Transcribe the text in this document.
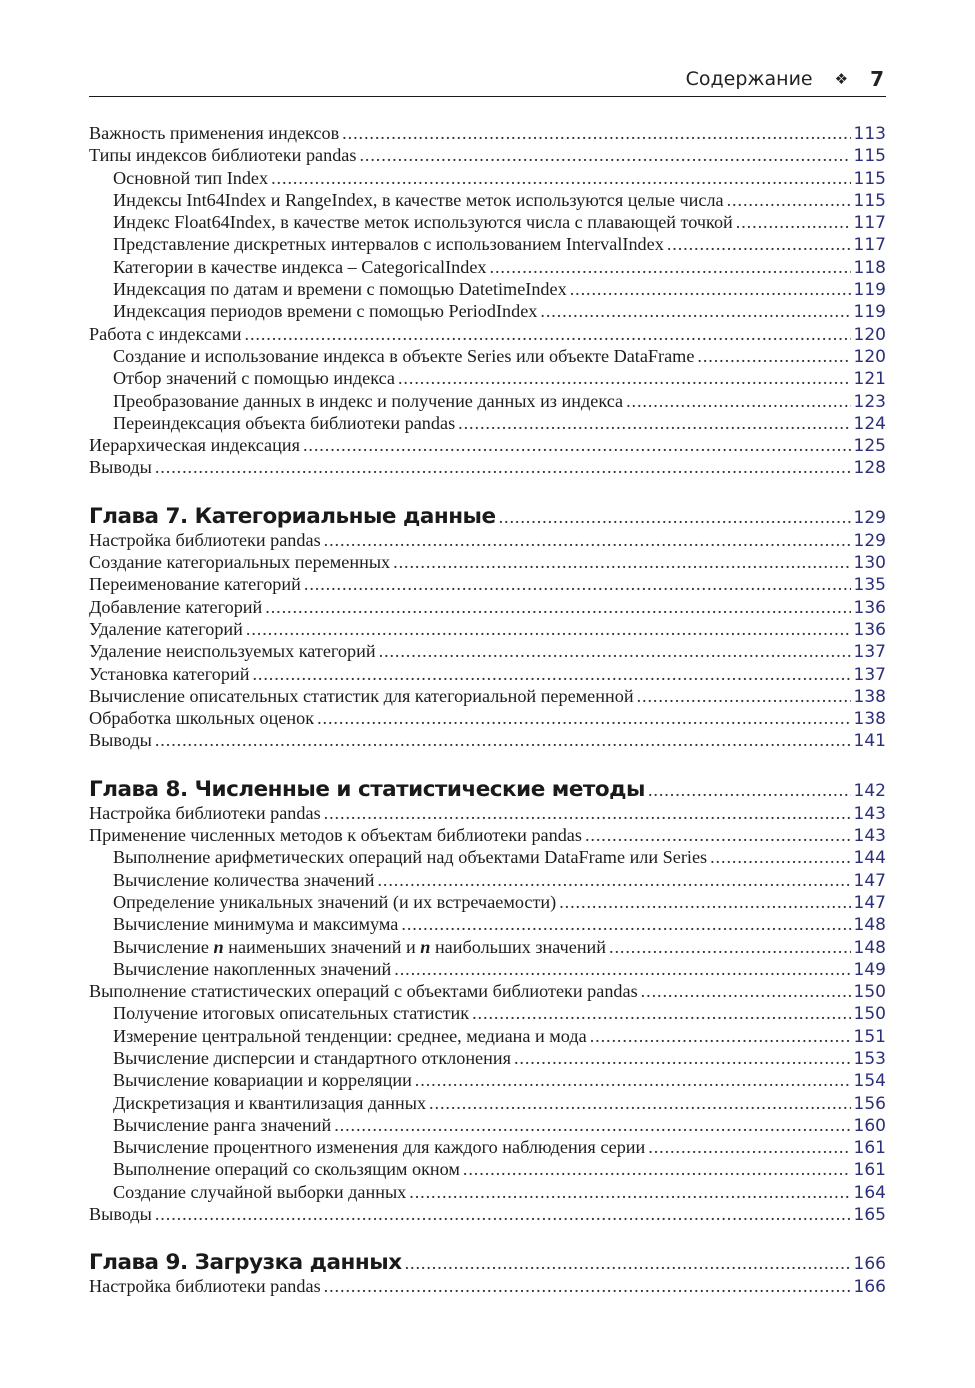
Содержание ❖ 7
Важность применения индексов .....	113
Типы индексов библиотеки pandas .....	115
Основной тип Index .....	115
Индексы Int64Index и RangeIndex, в качестве меток используются целые числа .....	115
Индекс Float64Index, в качестве меток используются числа с плавающей точкой .....	117
Представление дискретных интервалов с использованием IntervalIndex .....	117
Категории в качестве индекса – CategoricalIndex .....	118
Индексация по датам и времени с помощью DatetimeIndex .....	119
Индексация периодов времени с помощью PeriodIndex .....	119
Работа с индексами .....	120
Создание и использование индекса в объекте Series или объекте DataFrame .....	120
Отбор значений с помощью индекса .....	121
Преобразование данных в индекс и получение данных из индекса .....	123
Переиндексация объекта библиотеки pandas .....	124
Иерархическая индексация .....	125
Выводы .....	128
Глава 7. Категориальные данные .....	129
Настройка библиотеки pandas .....	129
Создание категориальных переменных .....	130
Переименование категорий .....	135
Добавление категорий .....	136
Удаление категорий .....	136
Удаление неиспользуемых категорий .....	137
Установка категорий .....	137
Вычисление описательных статистик для категориальной переменной .....	138
Обработка школьных оценок .....	138
Выводы .....	141
Глава 8. Численные и статистические методы .....	142
Настройка библиотеки pandas .....	143
Применение численных методов к объектам библиотеки pandas .....	143
Выполнение арифметических операций над объектами DataFrame или Series .....	144
Вычисление количества значений .....	147
Определение уникальных значений (и их встречаемости) .....	147
Вычисление минимума и максимума .....	148
Вычисление n наименьших значений и n наибольших значений .....	148
Вычисление накопленных значений .....	149
Выполнение статистических операций с объектами библиотеки pandas .....	150
Получение итоговых описательных статистик .....	150
Измерение центральной тенденции: среднее, медиана и мода .....	151
Вычисление дисперсии и стандартного отклонения .....	153
Вычисление ковариации и корреляции .....	154
Дискретизация и квантилизация данных .....	156
Вычисление ранга значений .....	160
Вычисление процентного изменения для каждого наблюдения серии .....	161
Выполнение операций со скользящим окном .....	161
Создание случайной выборки данных .....	164
Выводы .....	165
Глава 9. Загрузка данных .....	166
Настройка библиотеки pandas .....	166
